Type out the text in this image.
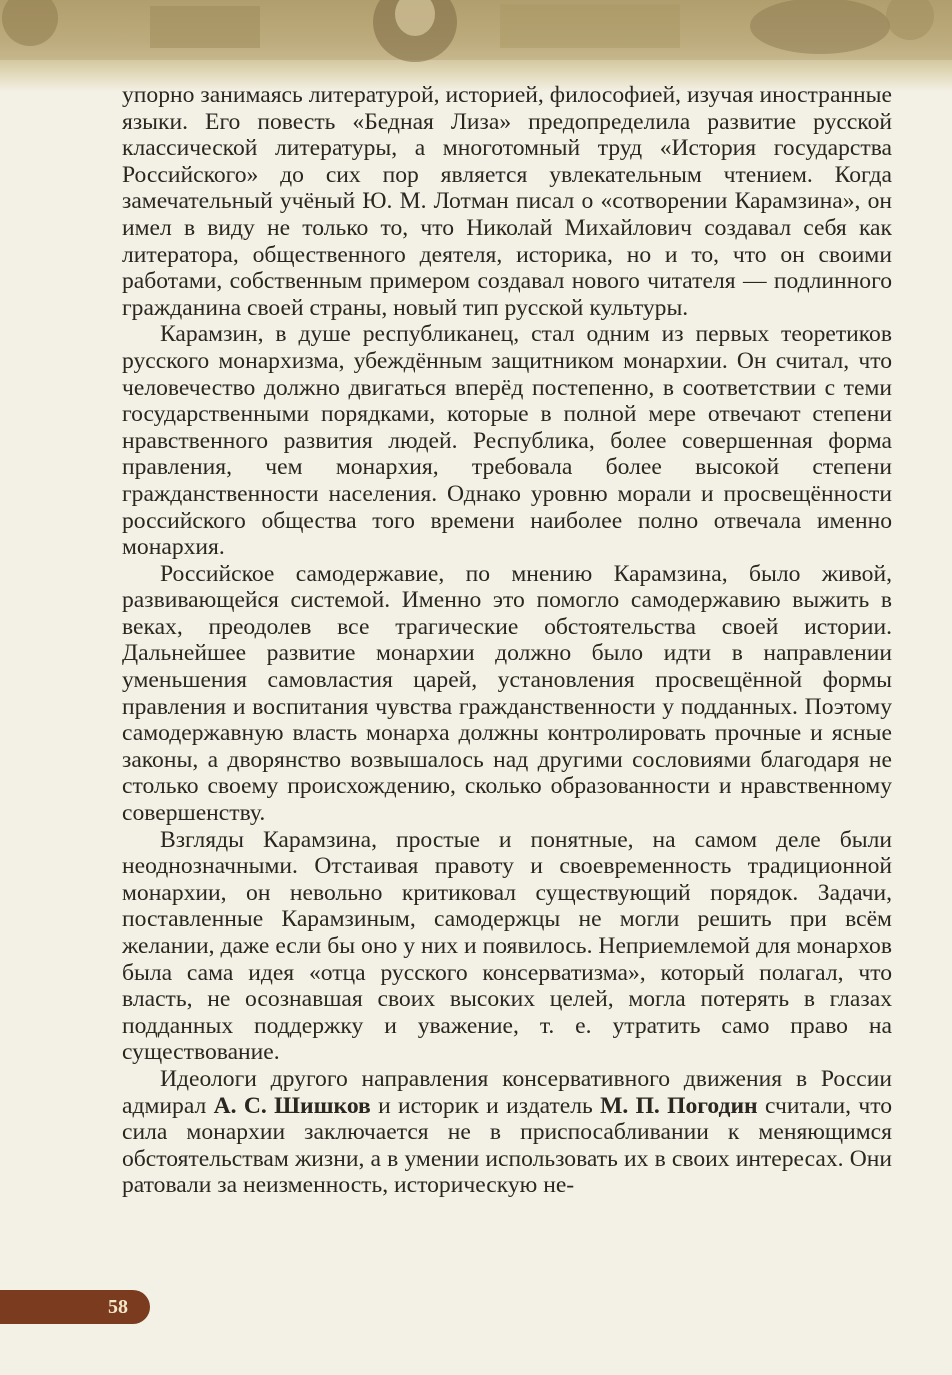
упорно занимаясь литературой, историей, философией, изучая иностранные языки. Его повесть «Бедная Лиза» предопределила развитие русской классической литературы, а многотомный труд «История государства Российского» до сих пор является увлекательным чтением. Когда замечательный учёный Ю. М. Лотман писал о «сотворении Карамзина», он имел в виду не только то, что Николай Михайлович создавал себя как литератора, общественного деятеля, историка, но и то, что он своими работами, собственным примером создавал нового читателя — подлинного гражданина своей страны, новый тип русской культуры.

Карамзин, в душе республиканец, стал одним из первых теоретиков русского монархизма, убеждённым защитником монархии. Он считал, что человечество должно двигаться вперёд постепенно, в соответствии с теми государственными порядками, которые в полной мере отвечают степени нравственного развития людей. Республика, более совершенная форма правления, чем монархия, требовала более высокой степени гражданственности населения. Однако уровню морали и просвещённости российского общества того времени наиболее полно отвечала именно монархия.

Российское самодержавие, по мнению Карамзина, было живой, развивающейся системой. Именно это помогло самодержавию выжить в веках, преодолев все трагические обстоятельства своей истории. Дальнейшее развитие монархии должно было идти в направлении уменьшения самовластия царей, установления просвещённой формы правления и воспитания чувства гражданственности у подданных. Поэтому самодержавную власть монарха должны контролировать прочные и ясные законы, а дворянство возвышалось над другими сословиями благодаря не столько своему происхождению, сколько образованности и нравственному совершенству.

Взгляды Карамзина, простые и понятные, на самом деле были неоднозначными. Отстаивая правоту и своевременность традиционной монархии, он невольно критиковал существующий порядок. Задачи, поставленные Карамзиным, самодержцы не могли решить при всём желании, даже если бы оно у них и появилось. Неприемлемой для монархов была сама идея «отца русского консерватизма», который полагал, что власть, не осознавшая своих высоких целей, могла потерять в глазах подданных поддержку и уважение, т. е. утратить само право на существование.

Идеологи другого направления консервативного движения в России адмирал А. С. Шишков и историк и издатель М. П. Погодин считали, что сила монархии заключается не в приспосабливании к меняющимся обстоятельствам жизни, а в умении использовать их в своих интересах. Они ратовали за неизменность, историческую не-

58
